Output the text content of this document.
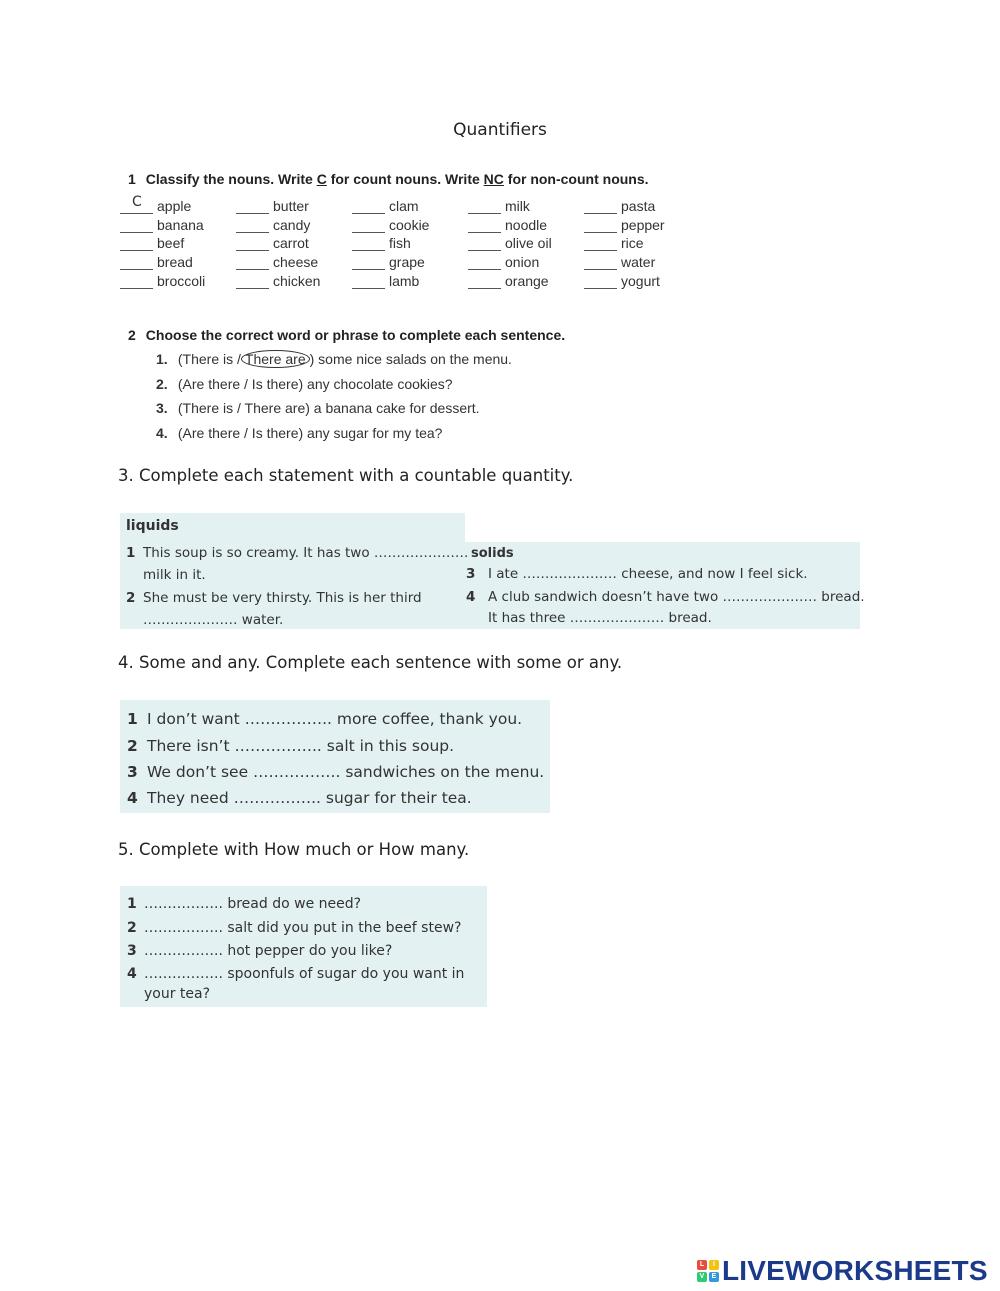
Quantifiers
1 Classify the nouns. Write C for count nouns. Write NC for non-count nouns.
C apple	butter	clam	milk	pasta
banana	candy	cookie	noodle	pepper
beef	carrot	fish	olive oil	rice
bread	cheese	grape	onion	water
broccoli	chicken	lamb	orange	yogurt
2 Choose the correct word or phrase to complete each sentence.
1. (There is / There are ) some nice salads on the menu.
2. (Are there / Is there) any chocolate cookies?
3. (There is / There are) a banana cake for dessert.
4. (Are there / Is there) any sugar for my tea?
3. Complete each statement with a countable quantity.
liquids
solids
1 This soup is so creamy. It has two …………………
milk in it.
2 She must be very thirsty. This is her third
………………… water.
3 I ate ………………… cheese, and now I feel sick.
4 A club sandwich doesn’t have two ………………… bread.
It has three ………………… bread.
4. Some and any. Complete each sentence with some or any.
1 I don’t want …………….. more coffee, thank you.
2 There isn’t …………….. salt in this soup.
3 We don’t see …………….. sandwiches on the menu.
4 They need …………….. sugar for their tea.
5. Complete with How much or How many.
1 …………….. bread do we need?
2 …………….. salt did you put in the beef stew?
3 …………….. hot pepper do you like?
4 …………….. spoonfuls of sugar do you want in
your tea?
L	I
V	E LIVEWORKSHEETS
